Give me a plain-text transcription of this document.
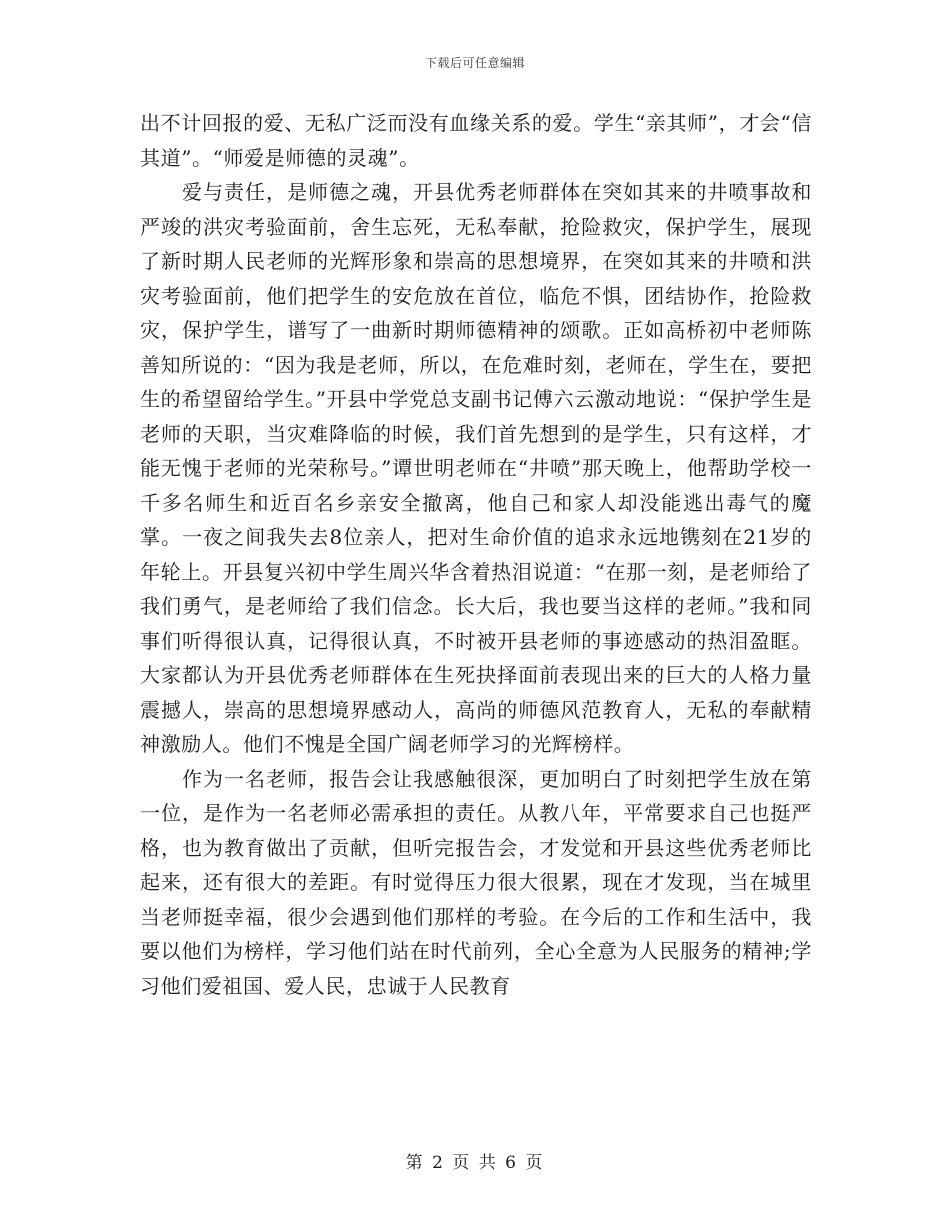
下载后可任意编辑

出不计回报的爱、无私广泛而没有血缘关系的爱。学生“亲其师”，才会“信其道”。“师爱是师德的灵魂”。

爱与责任，是师德之魂，开县优秀老师群体在突如其来的井喷事故和严竣的洪灾考验面前，舍生忘死，无私奉献，抢险救灾，保护学生，展现了新时期人民老师的光辉形象和崇高的思想境界，在突如其来的井喷和洪灾考验面前，他们把学生的安危放在首位，临危不惧，团结协作，抢险救灾，保护学生，谱写了一曲新时期师德精神的颂歌。正如高桥初中老师陈善知所说的：“因为我是老师，所以，在危难时刻，老师在，学生在，要把生的希望留给学生。”开县中学党总支副书记傅六云激动地说：“保护学生是老师的天职，当灾难降临的时候，我们首先想到的是学生，只有这样，才能无愧于老师的光荣称号。”谭世明老师在“井喷”那天晚上，他帮助学校一千多名师生和近百名乡亲安全撤离，他自己和家人却没能逃出毒气的魔掌。一夜之间我失去8位亲人，把对生命价值的追求永远地镌刻在21岁的年轮上。开县复兴初中学生周兴华含着热泪说道：“在那一刻，是老师给了我们勇气，是老师给了我们信念。长大后，我也要当这样的老师。”我和同事们听得很认真，记得很认真，不时被开县老师的事迹感动的热泪盈眶。大家都认为开县优秀老师群体在生死抉择面前表现出来的巨大的人格力量震撼人，崇高的思想境界感动人，高尚的师德风范教育人，无私的奉献精神激励人。他们不愧是全国广阔老师学习的光辉榜样。

作为一名老师，报告会让我感触很深，更加明白了时刻把学生放在第一位，是作为一名老师必需承担的责任。从教八年，平常要求自己也挺严格，也为教育做出了贡献，但听完报告会，才发觉和开县这些优秀老师比起来，还有很大的差距。有时觉得压力很大很累，现在才发现，当在城里当老师挺幸福，很少会遇到他们那样的考验。在今后的工作和生活中，我要以他们为榜样，学习他们站在时代前列，全心全意为人民服务的精神;学习他们爱祖国、爱人民，忠诚于人民教育

第 2 页 共 6 页
